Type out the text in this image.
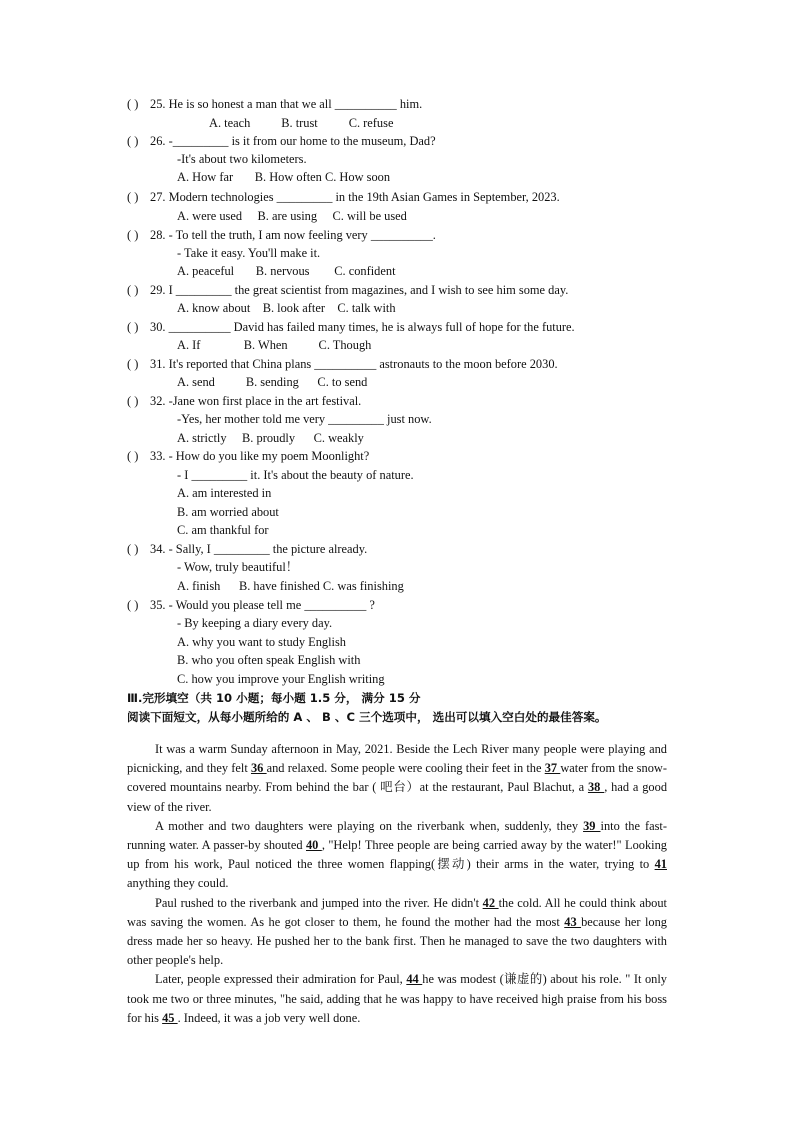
( ) 25. He is so honest a man that we all __________ him.
A. teach          B. trust          C. refuse
( ) 26. -_________ is it from our home to the museum, Dad?
-It's about two kilometers.
A. How far       B. How often C. How soon
( ) 27. Modern technologies _________ in the 19th Asian Games in September, 2023.
A. were used     B. are using     C. will be used
( ) 28. - To tell the truth, I am now feeling very __________.
- Take it easy. You'll make it.
A. peaceful       B. nervous        C. confident
( ) 29. I _________ the great scientist from magazines, and I wish to see him some day.
A. know about    B. look after    C. talk with
( ) 30. __________ David has failed many times, he is always full of hope for the future.
A. If              B. When          C. Though
( ) 31. It's reported that China plans __________ astronauts to the moon before 2030.
A. send          B. sending      C. to send
( ) 32. -Jane won first place in the art festival.
-Yes, her mother told me very _________ just now.
A. strictly     B. proudly      C. weakly
( ) 33. - How do you like my poem Moonlight?
- I _________ it. It's about the beauty of nature.
A. am interested in
B. am worried about
C. am thankful for
( ) 34. - Sally, I _________ the picture already.
- Wow, truly beautiful！
A. finish      B. have finished C. was finishing
( ) 35. - Would you please tell me __________ ?
- By keeping a diary every day.
A. why you want to study English
B. who you often speak English with
C. how you improve your English writing
Ⅲ.完形填空（共 10 小题；每小题 1.5 分， 满分 15 分
阅读下面短文，从每小题所给的 A 、 B 、C 三个选项中， 选出可以填入空白处的最佳答案。

It was a warm Sunday afternoon in May, 2021. Beside the Lech River many people were playing and picnicking, and they felt 36 and relaxed. Some people were cooling their feet in the 37 water from the snow-covered mountains nearby. From behind the bar ( 吧台）at the restaurant, Paul Blachut, a 38 , had a good view of the river.

A mother and two daughters were playing on the riverbank when, suddenly, they 39 into the fast-running water. A passer-by shouted 40 , "Help! Three people are being carried away by the water!" Looking up from his work, Paul noticed the three women flapping(摆动) their arms in the water, trying to 41 anything they could.

Paul rushed to the riverbank and jumped into the river. He didn't 42 the cold. All he could think about was saving the women. As he got closer to them, he found the mother had the most 43 because her long dress made her so heavy. He pushed her to the bank first. Then he managed to save the two daughters with other people's help.

Later, people expressed their admiration for Paul, 44 he was modest (谦虚的) about his role. " It only took me two or three minutes, "he said, adding that he was happy to have received high praise from his boss for his 45 . Indeed, it was a job very well done.
